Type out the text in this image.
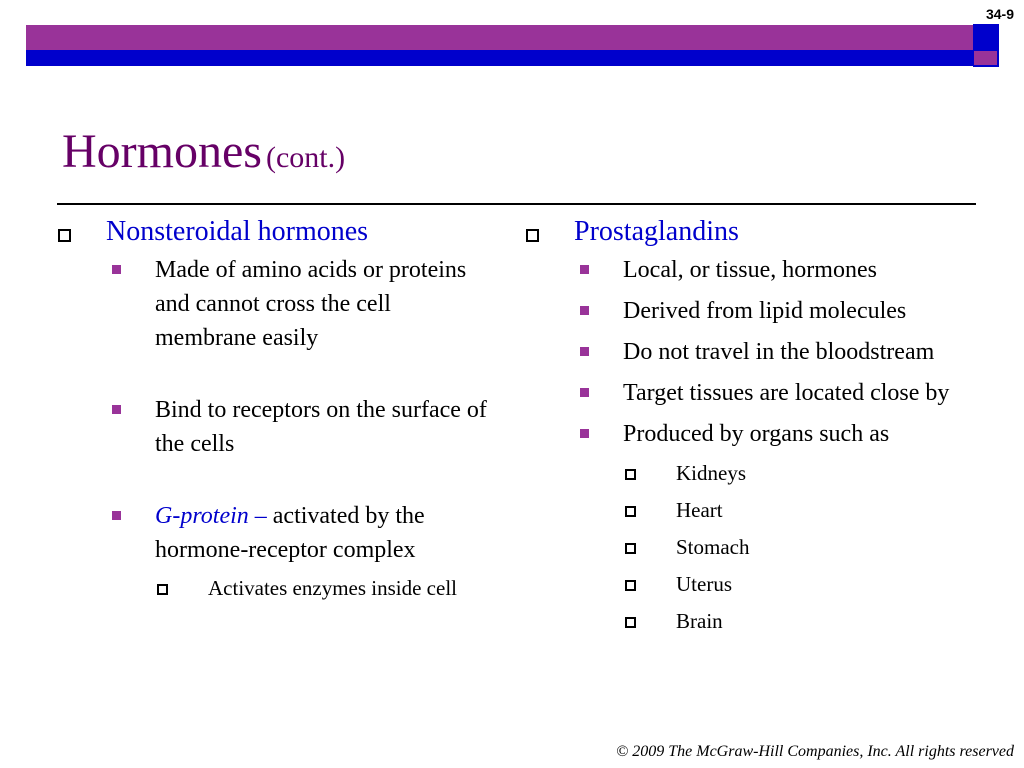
34-9
Hormones (cont.)
Nonsteroidal hormones
Made of amino acids or proteins and cannot cross the cell membrane easily
Bind to receptors on the surface of the cells
G-protein – activated by the hormone-receptor complex
Activates enzymes inside cell
Prostaglandins
Local, or tissue, hormones
Derived from lipid molecules
Do not travel in the bloodstream
Target tissues are located close by
Produced by organs such as
Kidneys
Heart
Stomach
Uterus
Brain
© 2009 The McGraw-Hill Companies, Inc. All rights reserved
